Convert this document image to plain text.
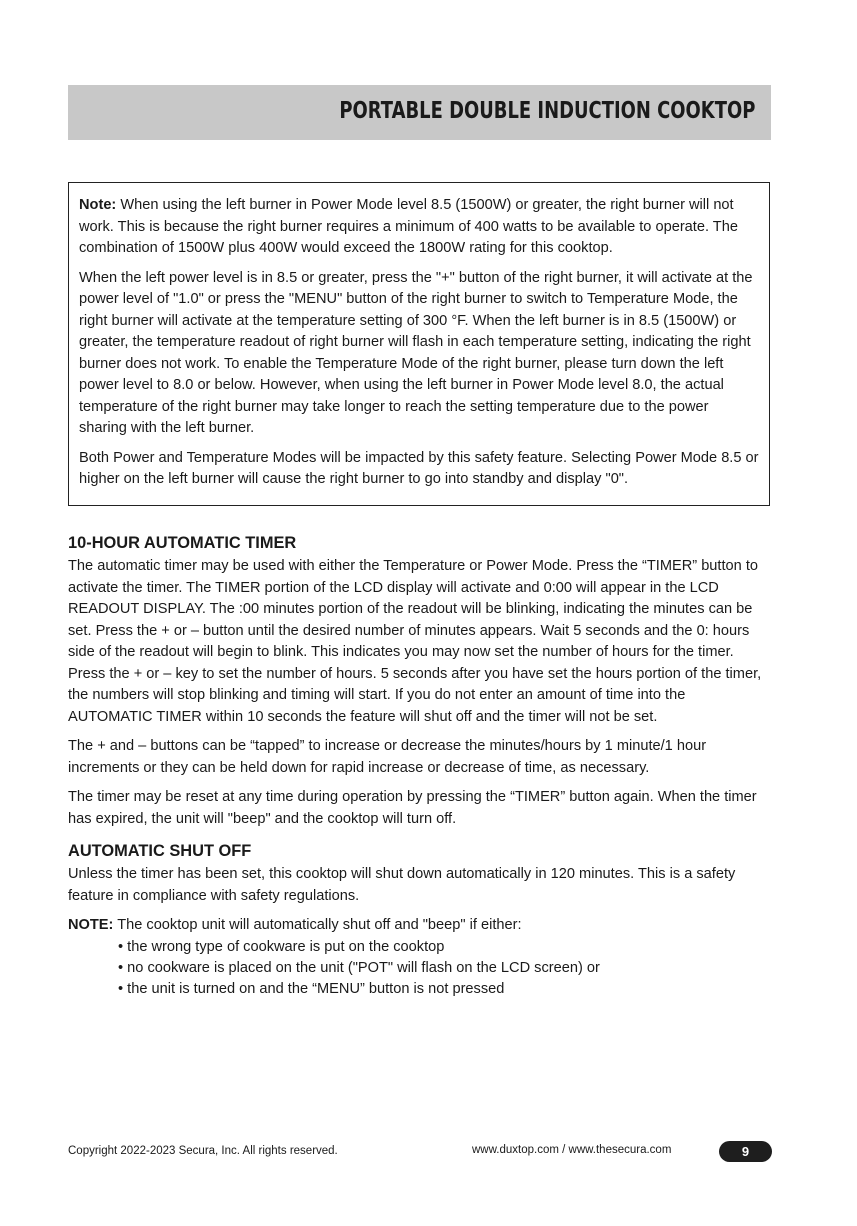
PORTABLE DOUBLE INDUCTION COOKTOP

Note: When using the left burner in Power Mode level 8.5 (1500W) or greater, the right burner will not work. This is because the right burner requires a minimum of 400 watts to be available to operate. The combination of 1500W plus 400W would exceed the 1800W rating for this cooktop.

When the left power level is in 8.5 or greater, press the "+" button of the right burner, it will activate at the power level of "1.0" or press the "MENU" button of the right burner to switch to Temperature Mode, the right burner will activate at the temperature setting of 300 °F. When the left burner is in 8.5 (1500W) or greater, the temperature readout of right burner will flash in each temperature setting, indicating the right burner does not work. To enable the Temperature Mode of the right burner, please turn down the left power level to 8.0 or below. However, when using the left burner in Power Mode level 8.0, the actual temperature of the right burner may take longer to reach the setting temperature due to the power sharing with the left burner.

Both Power and Temperature Modes will be impacted by this safety feature. Selecting Power Mode 8.5 or higher on the left burner will cause the right burner to go into standby and display "0".

10-HOUR AUTOMATIC TIMER

The automatic timer may be used with either the Temperature or Power Mode. Press the “TIMER” button to activate the timer. The TIMER portion of the LCD display will activate and 0:00 will appear in the LCD READOUT DISPLAY. The :00 minutes portion of the readout will be blinking, indicating the minutes can be set. Press the + or – button until the desired number of minutes appears. Wait 5 seconds and the 0: hours side of the readout will begin to blink. This indicates you may now set the number of hours for the timer. Press the + or – key to set the number of hours. 5 seconds after you have set the hours portion of the timer, the numbers will stop blinking and timing will start. If you do not enter an amount of time into the AUTOMATIC TIMER within 10 seconds the feature will shut off and the timer will not be set.

The + and – buttons can be “tapped” to increase or decrease the minutes/hours by 1 minute/1 hour increments or they can be held down for rapid increase or decrease of time, as necessary.

The timer may be reset at any time during operation by pressing the “TIMER” button again. When the timer has expired, the unit will "beep" and the cooktop will turn off.

AUTOMATIC SHUT OFF

Unless the timer has been set, this cooktop will shut down automatically in 120 minutes. This is a safety feature in compliance with safety regulations.

NOTE: The cooktop unit will automatically shut off and "beep" if either:

• the wrong type of cookware is put on the cooktop
• no cookware is placed on the unit ("POT" will flash on the LCD screen) or
• the unit is turned on and the “MENU” button is not pressed
Copyright 2022-2023 Secura, Inc. All rights reserved.	www.duxtop.com / www.thesecura.com	9
